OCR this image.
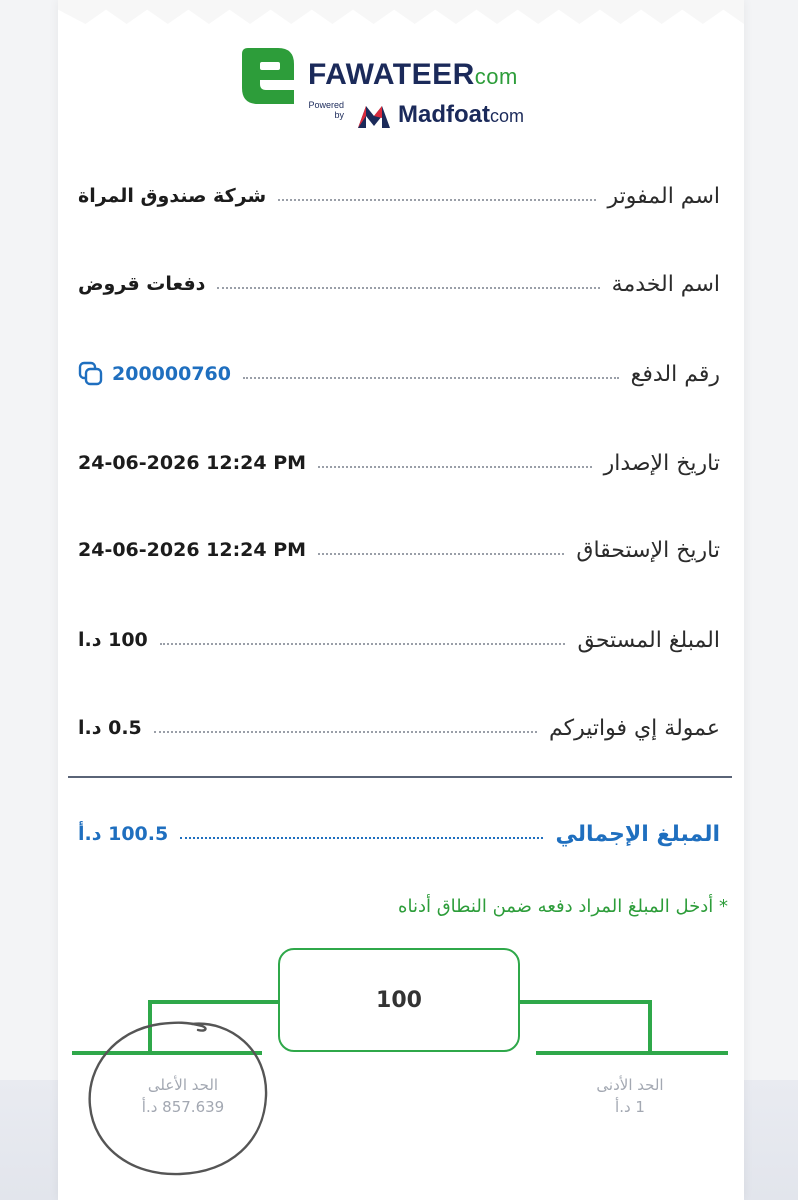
FAWATEERcom
Powered by Madfoatcom
اسم المفوتر
شركة صندوق المراة
اسم الخدمة
دفعات قروض
رقم الدفع
200000760
تاريخ الإصدار
24-06-2026 12:24 PM
تاريخ الإستحقاق
24-06-2026 12:24 PM
المبلغ المستحق
100 د.ا
عمولة إي فواتيركم
0.5 د.ا
المبلغ الإجمالي
100.5 د.أ
* أدخل المبلغ المراد دفعه ضمن النطاق أدناه
100
الحد الأعلى
857.639 د.أ
الحد الأدنى
1 د.أ
